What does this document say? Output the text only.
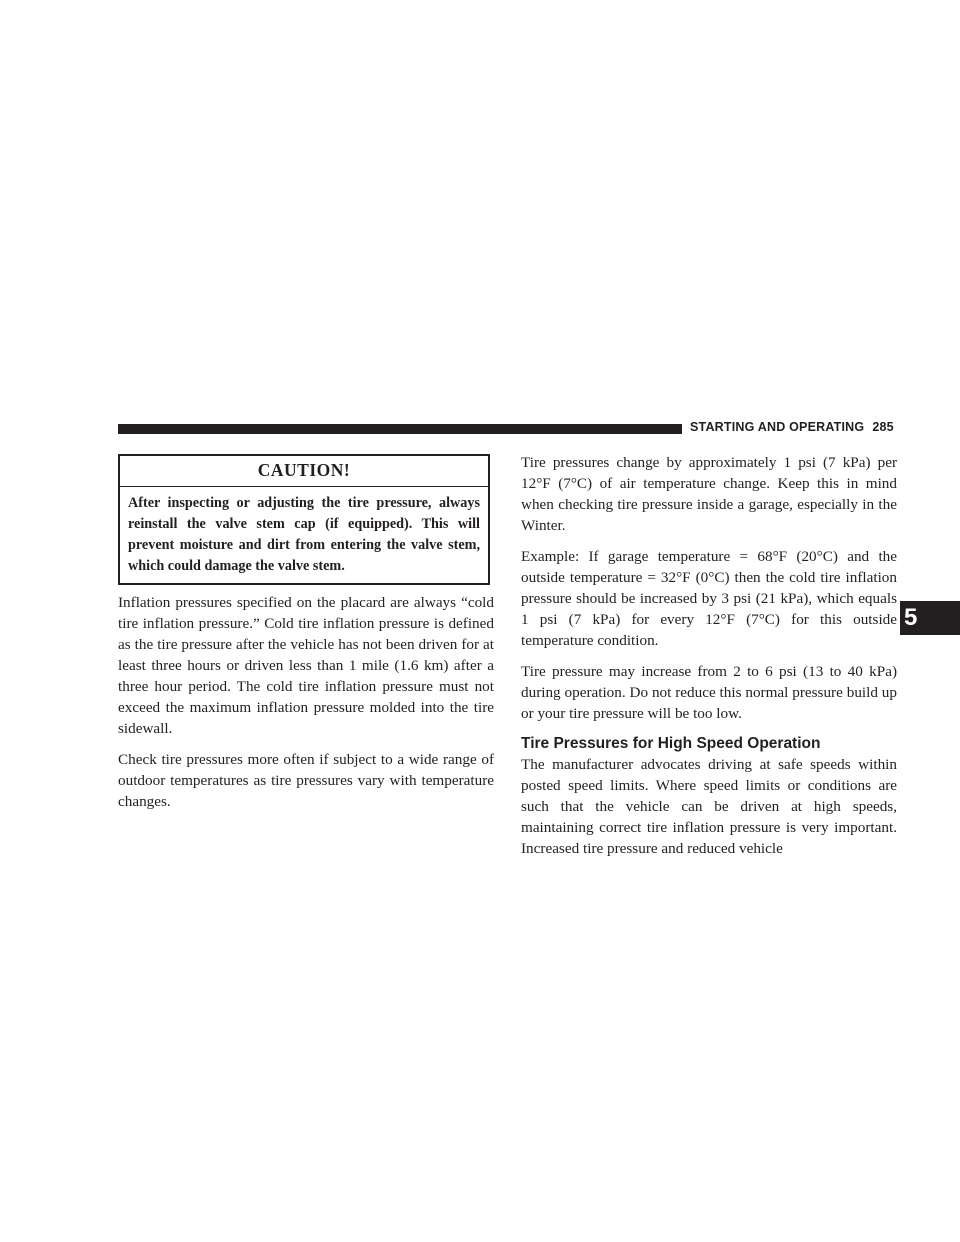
STARTING AND OPERATING 285
5
CAUTION!
After inspecting or adjusting the tire pressure, always reinstall the valve stem cap (if equipped). This will prevent moisture and dirt from entering the valve stem, which could damage the valve stem.

Inflation pressures specified on the placard are always “cold tire inflation pressure.” Cold tire inflation pressure is defined as the tire pressure after the vehicle has not been driven for at least three hours or driven less than 1 mile (1.6 km) after a three hour period. The cold tire inflation pressure must not exceed the maximum inflation pressure molded into the tire sidewall.

Check tire pressures more often if subject to a wide range of outdoor temperatures as tire pressures vary with temperature changes.

Tire pressures change by approximately 1 psi (7 kPa) per 12°F (7°C) of air temperature change. Keep this in mind when checking tire pressure inside a garage, especially in the Winter.

Example: If garage temperature = 68°F (20°C) and the outside temperature = 32°F (0°C) then the cold tire inflation pressure should be increased by 3 psi (21 kPa), which equals 1 psi (7 kPa) for every 12°F (7°C) for this outside temperature condition.

Tire pressure may increase from 2 to 6 psi (13 to 40 kPa) during operation. Do not reduce this normal pressure build up or your tire pressure will be too low.

Tire Pressures for High Speed Operation

The manufacturer advocates driving at safe speeds within posted speed limits. Where speed limits or conditions are such that the vehicle can be driven at high speeds, maintaining correct tire inflation pressure is very important. Increased tire pressure and reduced vehicle
